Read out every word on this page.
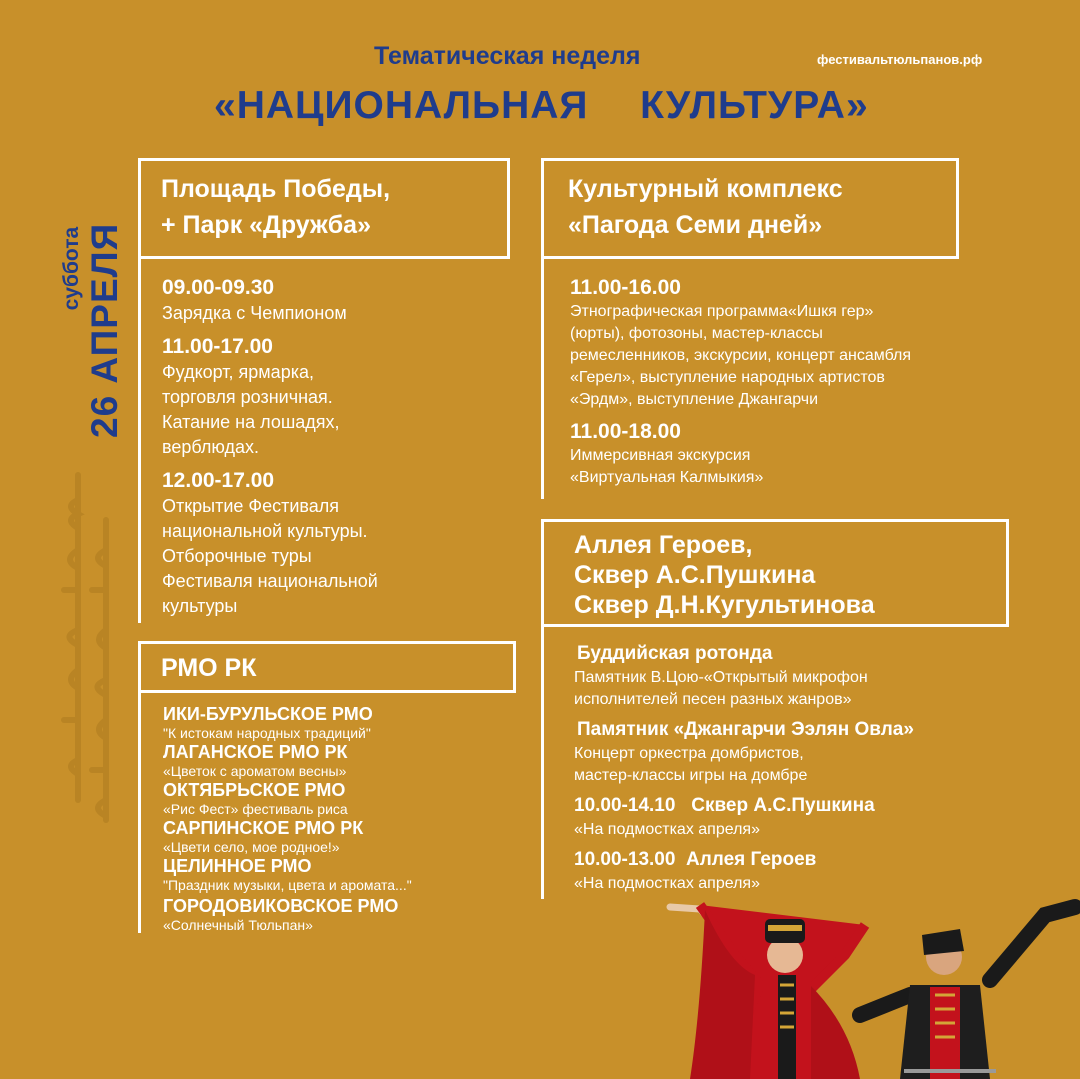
Тематическая неделя
«НАЦИОНАЛЬНАЯ  КУЛЬТУРА»
фестивальтюльпанов.рф
суббота 26 АПРЕЛЯ
Площадь Победы,
+ Парк «Дружба»
09.00-09.30
Зарядка с Чемпионом
11.00-17.00
Фудкорт, ярмарка,
торговля розничная.
Катание на лошадях,
верблюдах.
12.00-17.00
Открытие Фестиваля
национальной культуры.
Отборочные туры
Фестиваля национальной
культуры
РМО РК
ИКИ-БУРУЛЬСКОЕ РМО
"К истокам народных традиций"
ЛАГАНСКОЕ РМО РК
«Цветок с ароматом весны»
ОКТЯБРЬСКОЕ РМО
«Рис Фест» фестиваль риса
САРПИНСКОЕ РМО РК
«Цвети село, мое родное!»
ЦЕЛИННОЕ РМО
"Праздник музыки, цвета и аромата..."
ГОРОДОВИКОВСКОЕ РМО
«Солнечный Тюльпан»
Культурный комплекс
«Пагода Семи дней»
11.00-16.00
Этнографическая программа«Ишкя гер»
(юрты), фотозоны, мастер-классы
ремесленников, экскурсии, концерт ансамбля
«Герел», выступление народных артистов
«Эрдм», выступление Джангарчи
11.00-18.00
Иммерсивная экскурсия
«Виртуальная Калмыкия»
Аллея Героев,
Сквер А.С.Пушкина
Сквер Д.Н.Кугультинова
Буддийская ротонда
Памятник В.Цою-«Открытый микрофон
исполнителей песен разных жанров»
Памятник «Джангарчи Ээлян Овла»
Концерт оркестра домбристов,
мастер-классы игры на домбре
10.00-14.10   Сквер А.С.Пушкина
«На подмостках апреля»
10.00-13.00  Аллея Героев
«На подмостках апреля»
